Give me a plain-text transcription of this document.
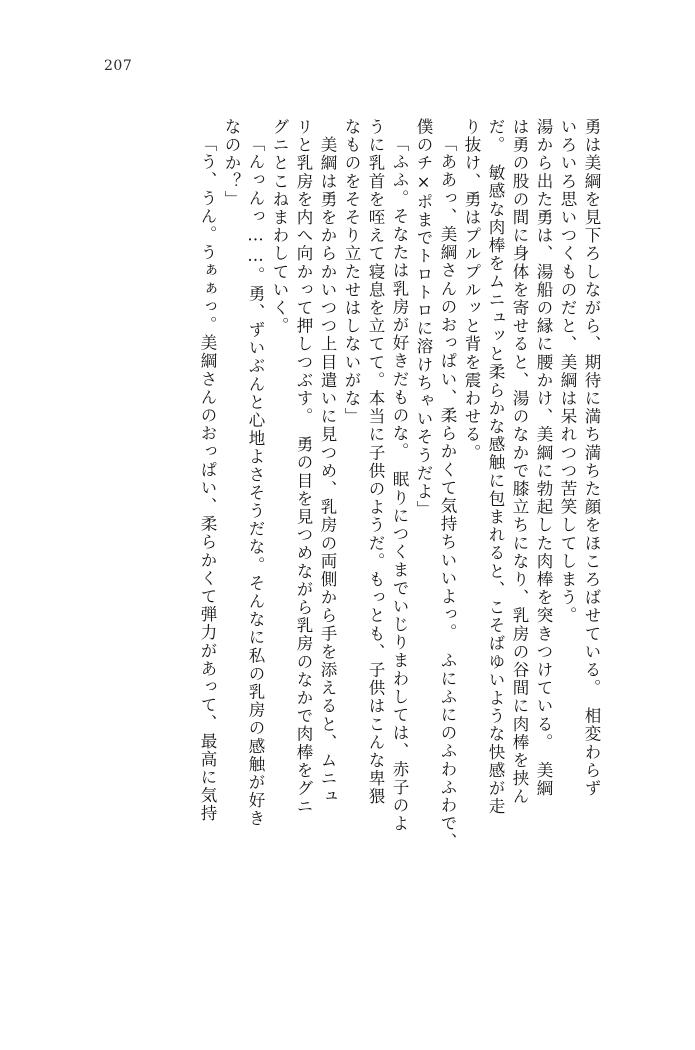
207
勇は美綱を見下ろしながら、期待に満ち満ちた顔をほころばせている。　相変わらず
いろいろ思いつくものだと、美綱は呆れつつ苦笑してしまう。
湯から出た勇は、湯船の縁に腰かけ、美綱に勃起した肉棒を突きつけている。　美綱
は勇の股の間に身体を寄せると、湯のなかで膝立ちになり、乳房の谷間に肉棒を挟ん
だ。　敏感な肉棒をムニュッと柔らかな感触に包まれると、こそばゆいような快感が走
り抜け、勇はプルプルッと背を震わせる。
「ああっ、美綱さんのおっぱい、柔らかくて気持ちいいよっ。　ふにふにのふわふわで、
僕のチ×ポまでトロトロに溶けちゃいそうだよ」
「ふふ。そなたは乳房が好きだものな。　眠りにつくまでいじりまわしては、赤子のよ
うに乳首を咥えて寝息を立てて。本当に子供のようだ。もっとも、子供はこんな卑猥
なものをそそり立たせはしないがな」
　美綱は勇をからかいつつ上目遣いに見つめ、乳房の両側から手を添えると、ムニュ
リと乳房を内へ向かって押しつぶす。　勇の目を見つめながら乳房のなかで肉棒をグニ
グニとこねまわしていく。
「んっんっ……。勇、ずいぶんと心地よさそうだな。そんなに私の乳房の感触が好き
なのか？」
「う、うん。うぁぁっ。美綱さんのおっぱい、柔らかくて弾力があって、最高に気持
